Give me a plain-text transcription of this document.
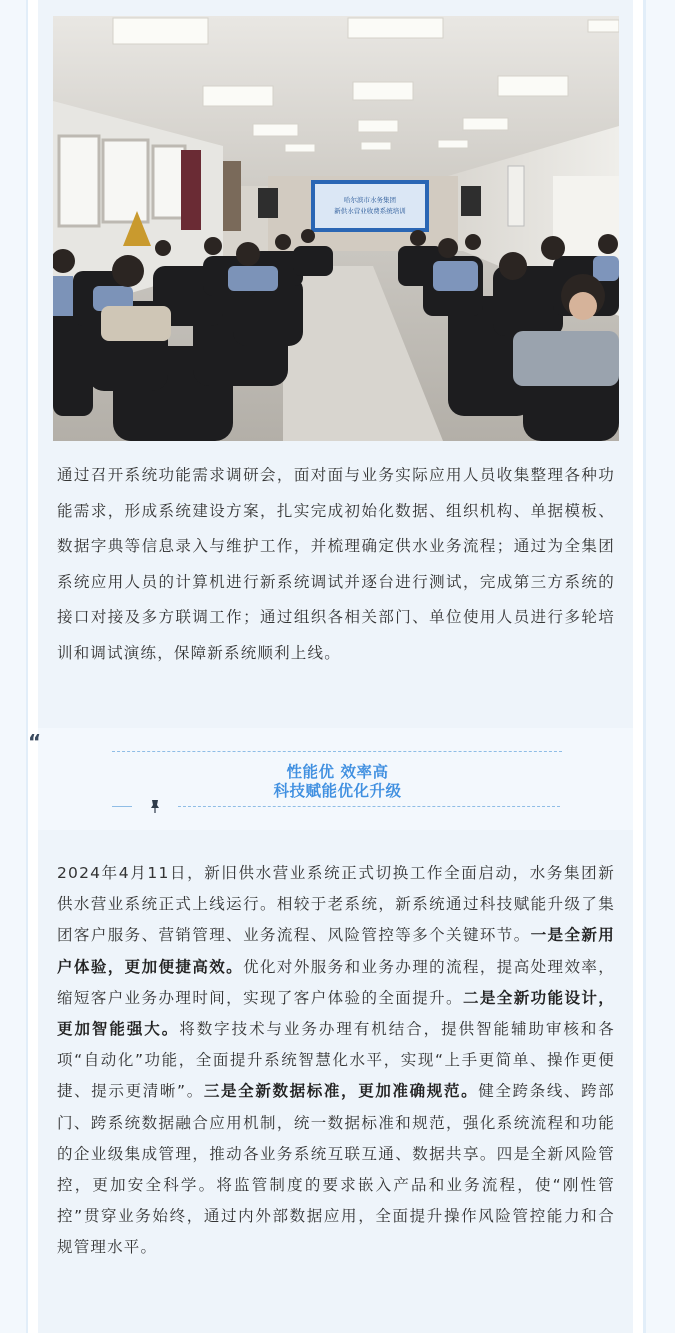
哈尔滨市水务集团
新供水营业收费系统培训

通过召开系统功能需求调研会，面对面与业务实际应用人员收集整理各种功能需求，形成系统建设方案，扎实完成初始化数据、组织机构、单据模板、数据字典等信息录入与维护工作，并梳理确定供水业务流程；通过为全集团系统应用人员的计算机进行新系统调试并逐台进行测试，完成第三方系统的接口对接及多方联调工作；通过组织各相关部门、单位使用人员进行多轮培训和调试演练，保障新系统顺利上线。

“
性能优 效率高
科技赋能优化升级

2024年4月11日，新旧供水营业系统正式切换工作全面启动，水务集团新供水营业系统正式上线运行。相较于老系统，新系统通过科技赋能升级了集团客户服务、营销管理、业务流程、风险管控等多个关键环节。一是全新用户体验，更加便捷高效。优化对外服务和业务办理的流程，提高处理效率，缩短客户业务办理时间，实现了客户体验的全面提升。二是全新功能设计，更加智能强大。将数字技术与业务办理有机结合，提供智能辅助审核和各项“自动化”功能，全面提升系统智慧化水平，实现“上手更简单、操作更便捷、提示更清晰”。三是全新数据标准，更加准确规范。健全跨条线、跨部门、跨系统数据融合应用机制，统一数据标准和规范，强化系统流程和功能的企业级集成管理，推动各业务系统互联互通、数据共享。四是全新风险管控，更加安全科学。将监管制度的要求嵌入产品和业务流程，使“刚性管控”贯穿业务始终，通过内外部数据应用，全面提升操作风险管控能力和合规管理水平。
